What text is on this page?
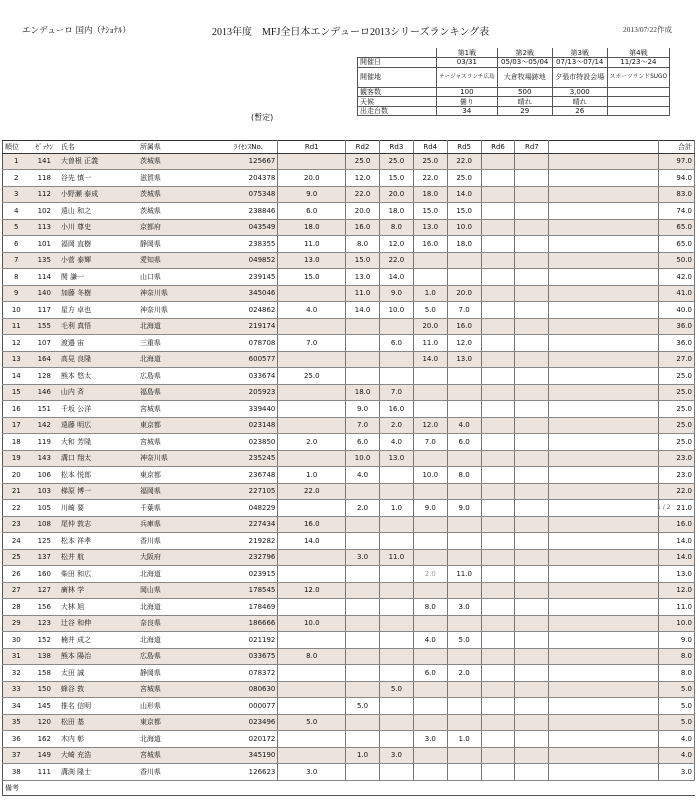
エンデューロ 国内（ﾅｼｮﾅﾙ）	2013年度　MFJ全日本エンデューロ2013シリーズランキング表	2013/07/22作成
(暫定)
	第1戦	第2戦	第3戦	第4戦
開催日	03/31	05/03～05/04	07/13～07/14	11/23～24
開催地	テージャスランチ広島	大倉牧場跡地	夕張市特設会場	スポーツランドSUGO
観客数	100	500	3,000	
天候	曇り	晴れ	晴れ	
出走台数	34	29	26	
順位	ｾﾞｯｹﾝ	氏名	所属県	ﾗｲｾﾝｽNo.	Rd1	Rd2	Rd3	Rd4	Rd5	Rd6	Rd7				合計
1	141	大曽根 正義	茨城県	125667		25.0	25.0	25.0	22.0						97.0
2	118	谷先 慎一	滋賀県	204378	20.0	12.0	15.0	22.0	25.0						94.0
3	112	小野瀬 泰成	茨城県	075348	9.0	22.0	20.0	18.0	14.0						83.0
4	102	遠山 和之	茨城県	238846	6.0	20.0	18.0	15.0	15.0						74.0
5	113	小川 尊史	京都府	043549	18.0	16.0	8.0	13.0	10.0						65.0
6	101	福岡 直樹	静岡県	238355	11.0	8.0	12.0	16.0	18.0						65.0
7	135	小菅 泰輝	愛知県	049852	13.0	15.0	22.0								50.0
8	114	関 謙一	山口県	239145	15.0	13.0	14.0								42.0
9	140	加藤 冬樹	神奈川県	345046		11.0	9.0	1.0	20.0						41.0
10	117	星方 卓也	神奈川県	024862	4.0	14.0	10.0	5.0	7.0						40.0
11	155	毛利 真悟	北海道	219174				20.0	16.0						36.0
12	107	渡邉 宙	三重県	078708	7.0		6.0	11.0	12.0						36.0
13	164	高見 良隆	北海道	600577				14.0	13.0						27.0
14	128	熊本 悠太	広島県	033674	25.0										25.0
15	146	山内 斉	福島県	205923		18.0	7.0								25.0
16	151	千坂 公洋	宮城県	339440		9.0	16.0								25.0
17	142	遠藤 明広	東京都	023148		7.0	2.0	12.0	4.0						25.0
18	119	大和 芳隆	宮城県	023850	2.0	6.0	4.0	7.0	6.0						25.0
19	143	溝口 翔太	神奈川県	235245		10.0	13.0								23.0
20	106	松本 悦郎	東京都	236748	1.0	4.0		10.0	8.0						23.0
21	103	梯原 博一	福岡県	227105	22.0										22.0
22	105	川崎 要	千葉県	048229		2.0	1.0	9.0	9.0						21.0
23	108	尾仲 敦志	兵庫県	227434	16.0										16.0
24	125	松本 祥孝	香川県	219282	14.0										14.0
25	137	松井 航	大阪府	232796		3.0	11.0								14.0
26	160	柴田 和広	北海道	023915				2.0	11.0						13.0
27	127	廣林 学	岡山県	178545	12.0										12.0
28	156	大林 旭	北海道	178469				8.0	3.0						11.0
29	123	辻谷 和伸	奈良県	186666	10.0										10.0
30	152	楠井 成之	北海道	021192				4.0	5.0						9.0
31	138	熊本 陽治	広島県	033675	8.0										8.0
32	158	太田 誠	静岡県	078372				6.0	2.0						8.0
33	150	蜂谷 敦	宮城県	080630			5.0								5.0
34	145	推名 信明	山形県	000077		5.0									5.0
35	120	松田 基	東京都	023496	5.0										5.0
36	162	木内 彰	北海道	020172				3.0	1.0						4.0
37	149	大崎 充浩	宮城県	345190		1.0	3.0								4.0
38	111	溝渕 隆士	香川県	126623	3.0										3.0
備考															
1 / 2
